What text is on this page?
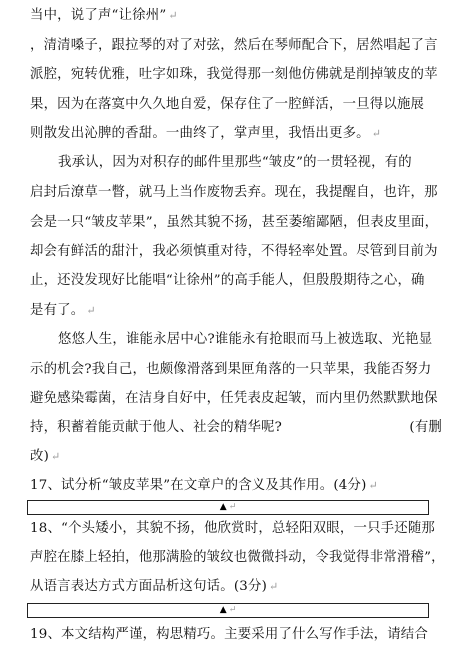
当中，说了声“让徐州” ↵
，清清嗓子，跟拉琴的对了对弦，然后在琴师配合下，居然唱起了言
派腔，宛转优雅，吐字如珠，我觉得那一刻他仿佛就是削掉皱皮的苹
果，因为在落寞中久久地自爱，保存住了一腔鲜活，一旦得以施展
则散发出沁脾的香甜。一曲终了，掌声里，我悟出更多。 ↵
我承认，因为对积存的邮件里那些“皱皮”的一贯轻视，有的
启封后潦草一瞥，就马上当作废物丢弃。现在，我提醒自，也许，那
会是一只“皱皮苹果”，虽然其貌不扬，甚至萎缩鄙陋，但表皮里面，
却会有鲜活的甜汁，我必须慎重对待，不得轻率处置。尽管到目前为
止，还没发现好比能唱“让徐州”的高手能人，但殷殷期待之心，确
是有了。 ↵
悠悠人生，谁能永居中心?谁能永有抢眼而马上被选取、光艳显
示的机会?我自己，也颇像滑落到果匣角落的一只苹果，我能否努力
避免感染霉菌，在洁身自好中，任凭表皮起皱，而内里仍然默默地保
持，积蓄着能贡献于他人、社会的精华呢?	(有删
改) ↵
17、试分析“皱皮苹果”在文章户的含义及其作用。(4分) ↵
▲ ↵
18、“个头矮小，其貌不扬，他欣赏时，总轻阳双眼，一只手还随那
声腔在膝上轻拍，他那满脸的皱纹也微微抖动，令我觉得非常滑稽”，
从语言表达方式方面品析这句话。(3分) ↵
▲ ↵
19、本文结构严谨，构思精巧。主要采用了什么写作手法，请结合
